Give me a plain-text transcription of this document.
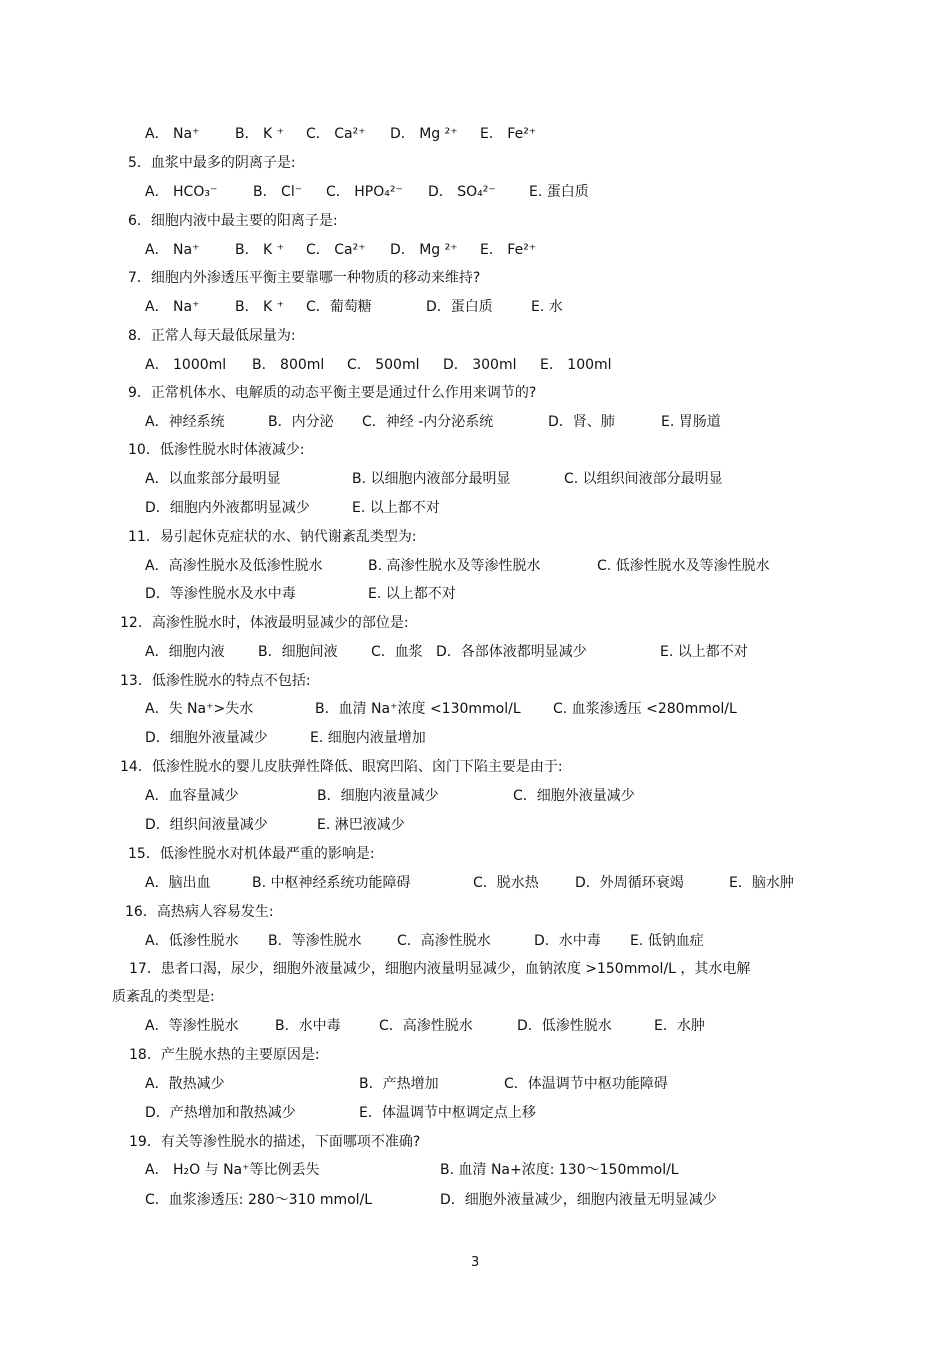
A． Na⁺	B． K ⁺ C． Ca²⁺ D． Mg ²⁺ E． Fe²⁺
5．血浆中最多的阴离子是:
A． HCO₃⁻	B． Cl⁻ C． HPO₄²⁻ D． SO₄²⁻ E. 蛋白质
6．细胞内液中最主要的阳离子是:
A． Na⁺	B． K ⁺ C． Ca²⁺ D． Mg ²⁺ E． Fe²⁺
7．细胞内外渗透压平衡主要靠哪一种物质的移动来维持?
A． Na⁺	B． K ⁺ C．葡萄糖	D．蛋白质	E. 水
8．正常人每天最低尿量为:
A． 1000ml B． 800ml C． 500ml D． 300ml E． 100ml
9．正常机体水、电解质的动态平衡主要是通过什么作用来调节的?
A．神经系统	B．内分泌 C．神经 -内分泌系统	D．肾、肺	E. 胃肠道
10．低渗性脱水时体液减少:
A．以血浆部分最明显	B. 以细胞内液部分最明显	C. 以组织间液部分最明显
D．细胞内外液都明显减少	E. 以上都不对
11．易引起休克症状的水、钠代谢紊乱类型为:
A．高渗性脱水及低渗性脱水	B. 高渗性脱水及等渗性脱水	C. 低渗性脱水及等渗性脱水
D．等渗性脱水及水中毒	E. 以上都不对
12．高渗性脱水时，体液最明显减少的部位是:
A．细胞内液 B．细胞间液 C．血浆 D．各部体液都明显减少	E. 以上都不对
13．低渗性脱水的特点不包括:
A．失 Na⁺>失水	B．血清 Na⁺浓度 <130mmol/L C. 血浆渗透压 <280mmol/L
D．细胞外液量减少	E. 细胞内液量增加
14．低渗性脱水的婴儿皮肤弹性降低、眼窝凹陷、囟门下陷主要是由于:
A．血容量减少	B．细胞内液量减少	C．细胞外液量减少
D．组织间液量减少	E. 淋巴液减少
15．低渗性脱水对机体最严重的影响是:
A．脑出血	B. 中枢神经系统功能障碍	C．脱水热	D．外周循环衰竭	E．脑水肿
16．高热病人容易发生:
A．低渗性脱水 B．等渗性脱水	C．高渗性脱水	D．水中毒 E. 低钠血症
17．患者口渴，尿少，细胞外液量减少，细胞内液量明显减少，血钠浓度 >150mmol/L ，其水电解
质紊乱的类型是:
A．等渗性脱水	B．水中毒	C．高渗性脱水	D．低渗性脱水	E．水肿
18．产生脱水热的主要原因是:
A．散热减少	B．产热增加	C．体温调节中枢功能障碍
D．产热增加和散热减少	E．体温调节中枢调定点上移
19．有关等渗性脱水的描述，下面哪项不准确?
A． H₂O 与 Na⁺等比例丢失	B. 血清 Na+浓度: 130～150mmol/L
C．血浆渗透压: 280～310 mmol/L	D．细胞外液量减少，细胞内液量无明显减少
3
